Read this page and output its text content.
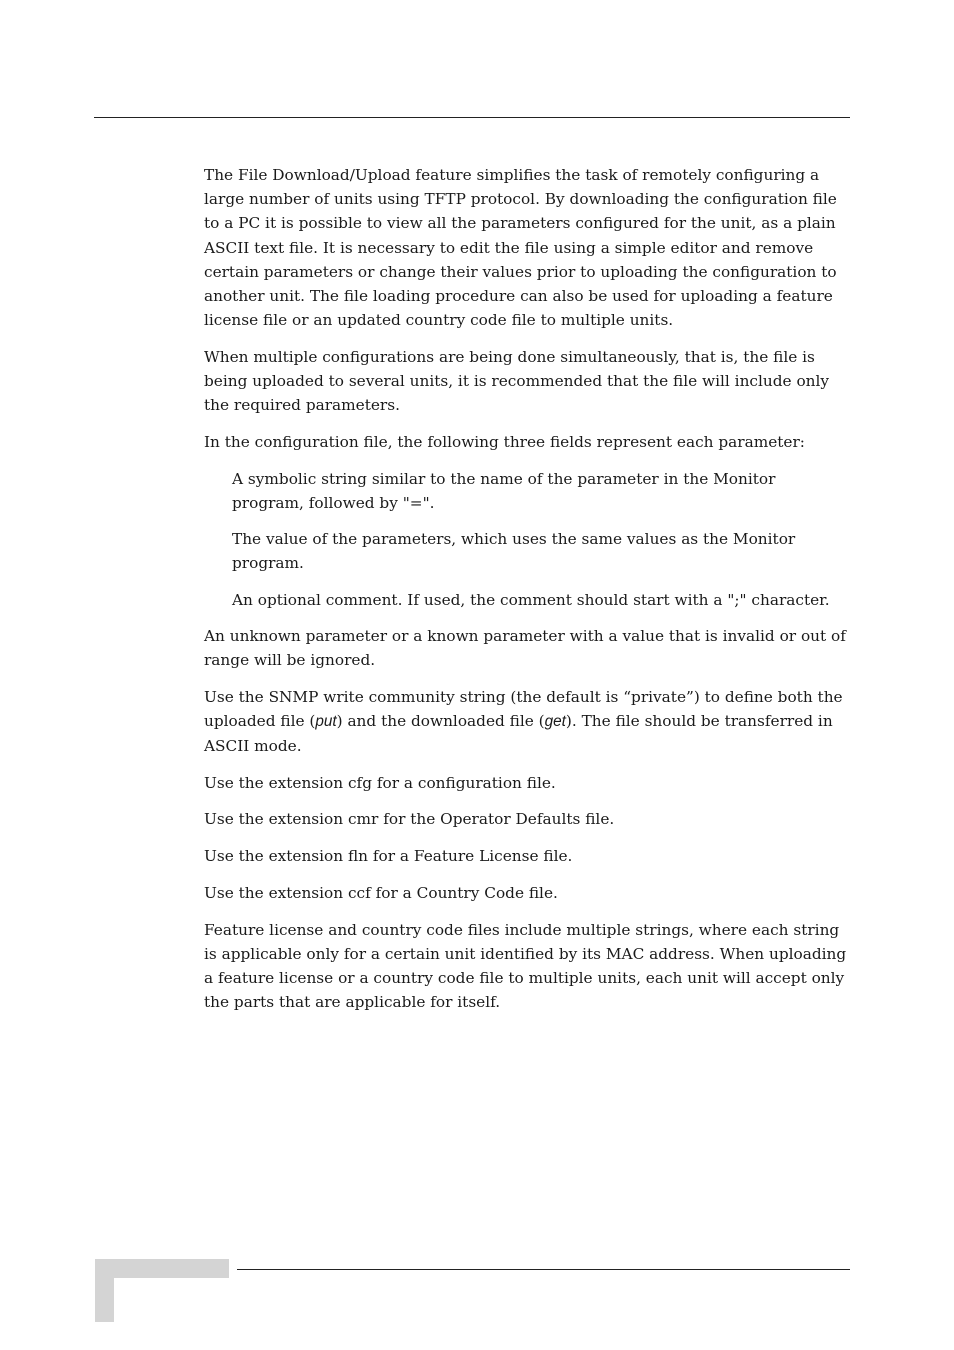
The File Download/Upload feature simplifies the task of remotely configuring a large number of units using TFTP protocol. By downloading the configuration file to a PC it is possible to view all the parameters configured for the unit, as a plain ASCII text file. It is necessary to edit the file using a simple editor and remove certain parameters or change their values prior to uploading the configuration to another unit. The file loading procedure can also be used for uploading a feature license file or an updated country code file to multiple units.

When multiple configurations are being done simultaneously, that is, the file is being uploaded to several units, it is recommended that the file will include only the required parameters.

In the configuration file, the following three fields represent each parameter:

A symbolic string similar to the name of the parameter in the Monitor program, followed by "=".

The value of the parameters, which uses the same values as the Monitor program.

An optional comment. If used, the comment should start with a ";" character.

An unknown parameter or a known parameter with a value that is invalid or out of range will be ignored.

Use the SNMP write community string (the default is “private”) to define both the uploaded file (put) and the downloaded file (get). The file should be transferred in ASCII mode.

Use the extension cfg for a configuration file.

Use the extension cmr for the Operator Defaults file.

Use the extension fln for a Feature License file.

Use the extension ccf for a Country Code file.

Feature license and country code files include multiple strings, where each string is applicable only for a certain unit identified by its MAC address. When uploading a feature license or a country code file to multiple units, each unit will accept only the parts that are applicable for itself.
